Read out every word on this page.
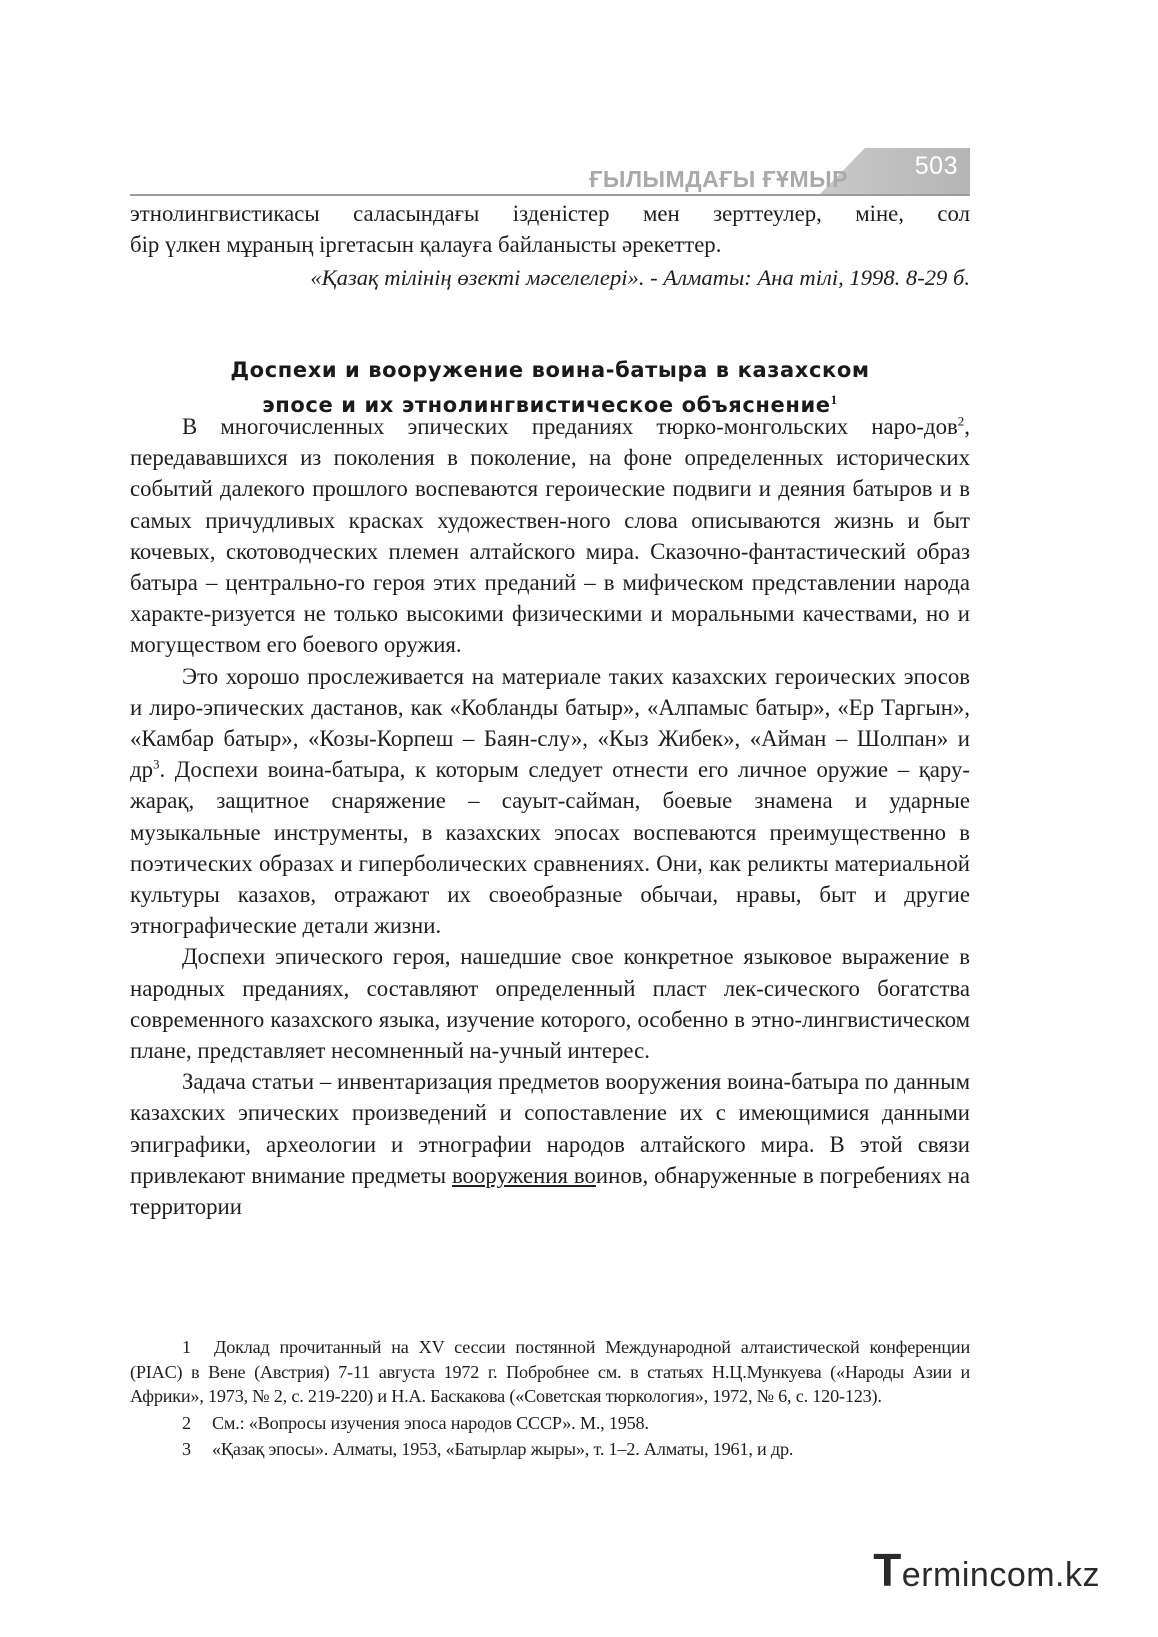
503
ҒЫЛЫМДАҒЫ ҒҰМЫР

этнолингвистикасы саласындағы ізденістер мен зерттеулер, міне, сол

бір үлкен мұраның іргетасын қалауға байланысты әрекеттер.

«Қазақ тілінің өзекті мәселелері». - Алматы: Ана тілі, 1998. 8-29 б.
Доспехи и вооружение воина-батыра в казахском
эпосе и их этнолингвистическое объяснение$^1$

В многочисленных эпических преданиях тюрко-монгольских наро-дов$^2$, передававшихся из поколения в поколение, на фоне определенных исторических событий далекого прошлого воспеваются героические подвиги и деяния батыров и в самых причудливых красках художествен-ного слова описываются жизнь и быт кочевых, скотоводческих племен алтайского мира. Сказочно-фантастический образ батыра – центрально-го героя этих преданий – в мифическом представлении народа характе-ризуется не только высокими физическими и моральными качествами, но и могуществом его боевого оружия.

Это хорошо прослеживается на материале таких казахских героических эпосов и лиро-эпических дастанов, как «Кобланды батыр», «Алпамыс батыр», «Ер Таргын», «Камбар батыр», «Козы-Корпеш – Баян-слу», «Кыз Жибек», «Айман – Шолпан» и $др^3$. Доспехи воина-батыра, к которым следует отнести его личное оружие – қару-жарақ, защитное снаряжение – сауыт-сайман, боевые знамена и ударные музыкальные инструменты, в казахских эпосах воспеваются преимущественно в поэтических образах и гиперболических сравнениях. Они, как реликты материальной культуры казахов, отражают их своеобразные обычаи, нравы, быт и другие этнографические детали жизни.

Доспехи эпического героя, нашедшие свое конкретное языковое выражение в народных преданиях, составляют определенный пласт лек-сического богатства современного казахского языка, изучение которого, особенно в этно-лингвистическом плане, представляет несомненный на-учный интерес.

Задача статьи – инвентаризация предметов вооружения воина-батыра по данным казахских эпических произведений и сопоставление их с имеющимися данными эпиграфики, археологии и этнографии народов алтайского мира. В этой связи привлекают внимание предметы вооружения воинов, обнаруженные в погребениях на территории

1 Доклад прочитанный на XV сессии постянной Международной алтаистической конференции (PIAC) в Вене (Австрия) 7-11 августа 1972 г. Побробнее см. в статьях Н.Ц.Мункуева («Народы Азии и Африки», 1973, № 2, с. 219-220) и Н.А. Баскакова («Советская тюркология», 1972, № 6, с. 120-123).
2	См.: «Вопросы изучения эпоса народов СССР». М., 1958.
3	«Қазақ эпосы». Алматы, 1953, «Батырлар жыры», т. 1–2. Алматы, 1961, и др.
Termincom.kz
